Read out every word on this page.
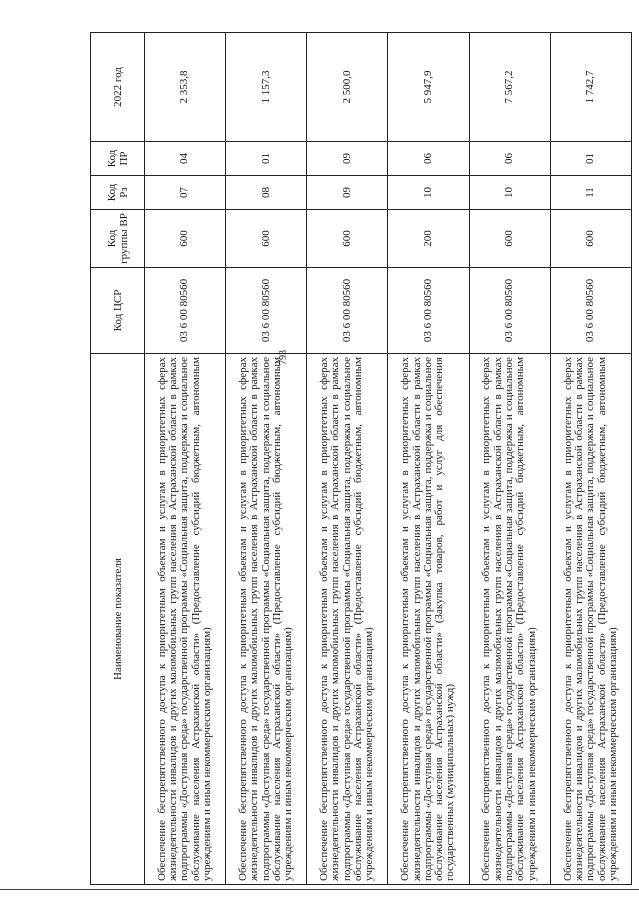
793
Наименование показателя	Код ЦСР	Код группы ВР	Код Рз	Код ПР	2022 год
Обеспечение беспрепятственного доступа к приоритетным объектам и услугам в приоритетных сферах жизнедеятельности инвалидов и других маломобильных групп населения в Астраханской области в рамках подпрограммы «Доступная среда» государственной программы «Социальная защита, поддержка и социальное обслуживание населения Астраханской области» (Предоставление субсидий бюджетным, автономным учреждениям и иным некоммерческим организациям)	03 6 00 80560	600	07	04	2 353,8
Обеспечение беспрепятственного доступа к приоритетным объектам и услугам в приоритетных сферах жизнедеятельности инвалидов и других маломобильных групп населения в Астраханской области в рамках подпрограммы «Доступная среда» государственной программы «Социальная защита, поддержка и социальное обслуживание населения Астраханской области» (Предоставление субсидий бюджетным, автономным учреждениям и иным некоммерческим организациям)	03 6 00 80560	600	08	01	1 157,3
Обеспечение беспрепятственного доступа к приоритетным объектам и услугам в приоритетных сферах жизнедеятельности инвалидов и других маломобильных групп населения в Астраханской области в рамках подпрограммы «Доступная среда» государственной программы «Социальная защита, поддержка и социальное обслуживание населения Астраханской области» (Предоставление субсидий бюджетным, автономным учреждениям и иным некоммерческим организациям)	03 6 00 80560	600	09	09	2 500,0
Обеспечение беспрепятственного доступа к приоритетным объектам и услугам в приоритетных сферах жизнедеятельности инвалидов и других маломобильных групп населения в Астраханской области в рамках подпрограммы «Доступная среда» государственной программы «Социальная защита, поддержка и социальное обслуживание населения Астраханской области» (Закупка товаров, работ и услуг для обеспечения государственных (муниципальных) нужд)	03 6 00 80560	200	10	06	5 947,9
Обеспечение беспрепятственного доступа к приоритетным объектам и услугам в приоритетных сферах жизнедеятельности инвалидов и других маломобильных групп населения в Астраханской области в рамках подпрограммы «Доступная среда» государственной программы «Социальная защита, поддержка и социальное обслуживание населения Астраханской области» (Предоставление субсидий бюджетным, автономным учреждениям и иным некоммерческим организациям)	03 6 00 80560	600	10	06	7 567,2
Обеспечение беспрепятственного доступа к приоритетным объектам и услугам в приоритетных сферах жизнедеятельности инвалидов и других маломобильных групп населения в Астраханской области в рамках подпрограммы «Доступная среда» государственной программы «Социальная защита, поддержка и социальное обслуживание населения Астраханской области» (Предоставление субсидий бюджетным, автономным учреждениям и иным некоммерческим организациям)	03 6 00 80560	600	11	01	1 742,7
